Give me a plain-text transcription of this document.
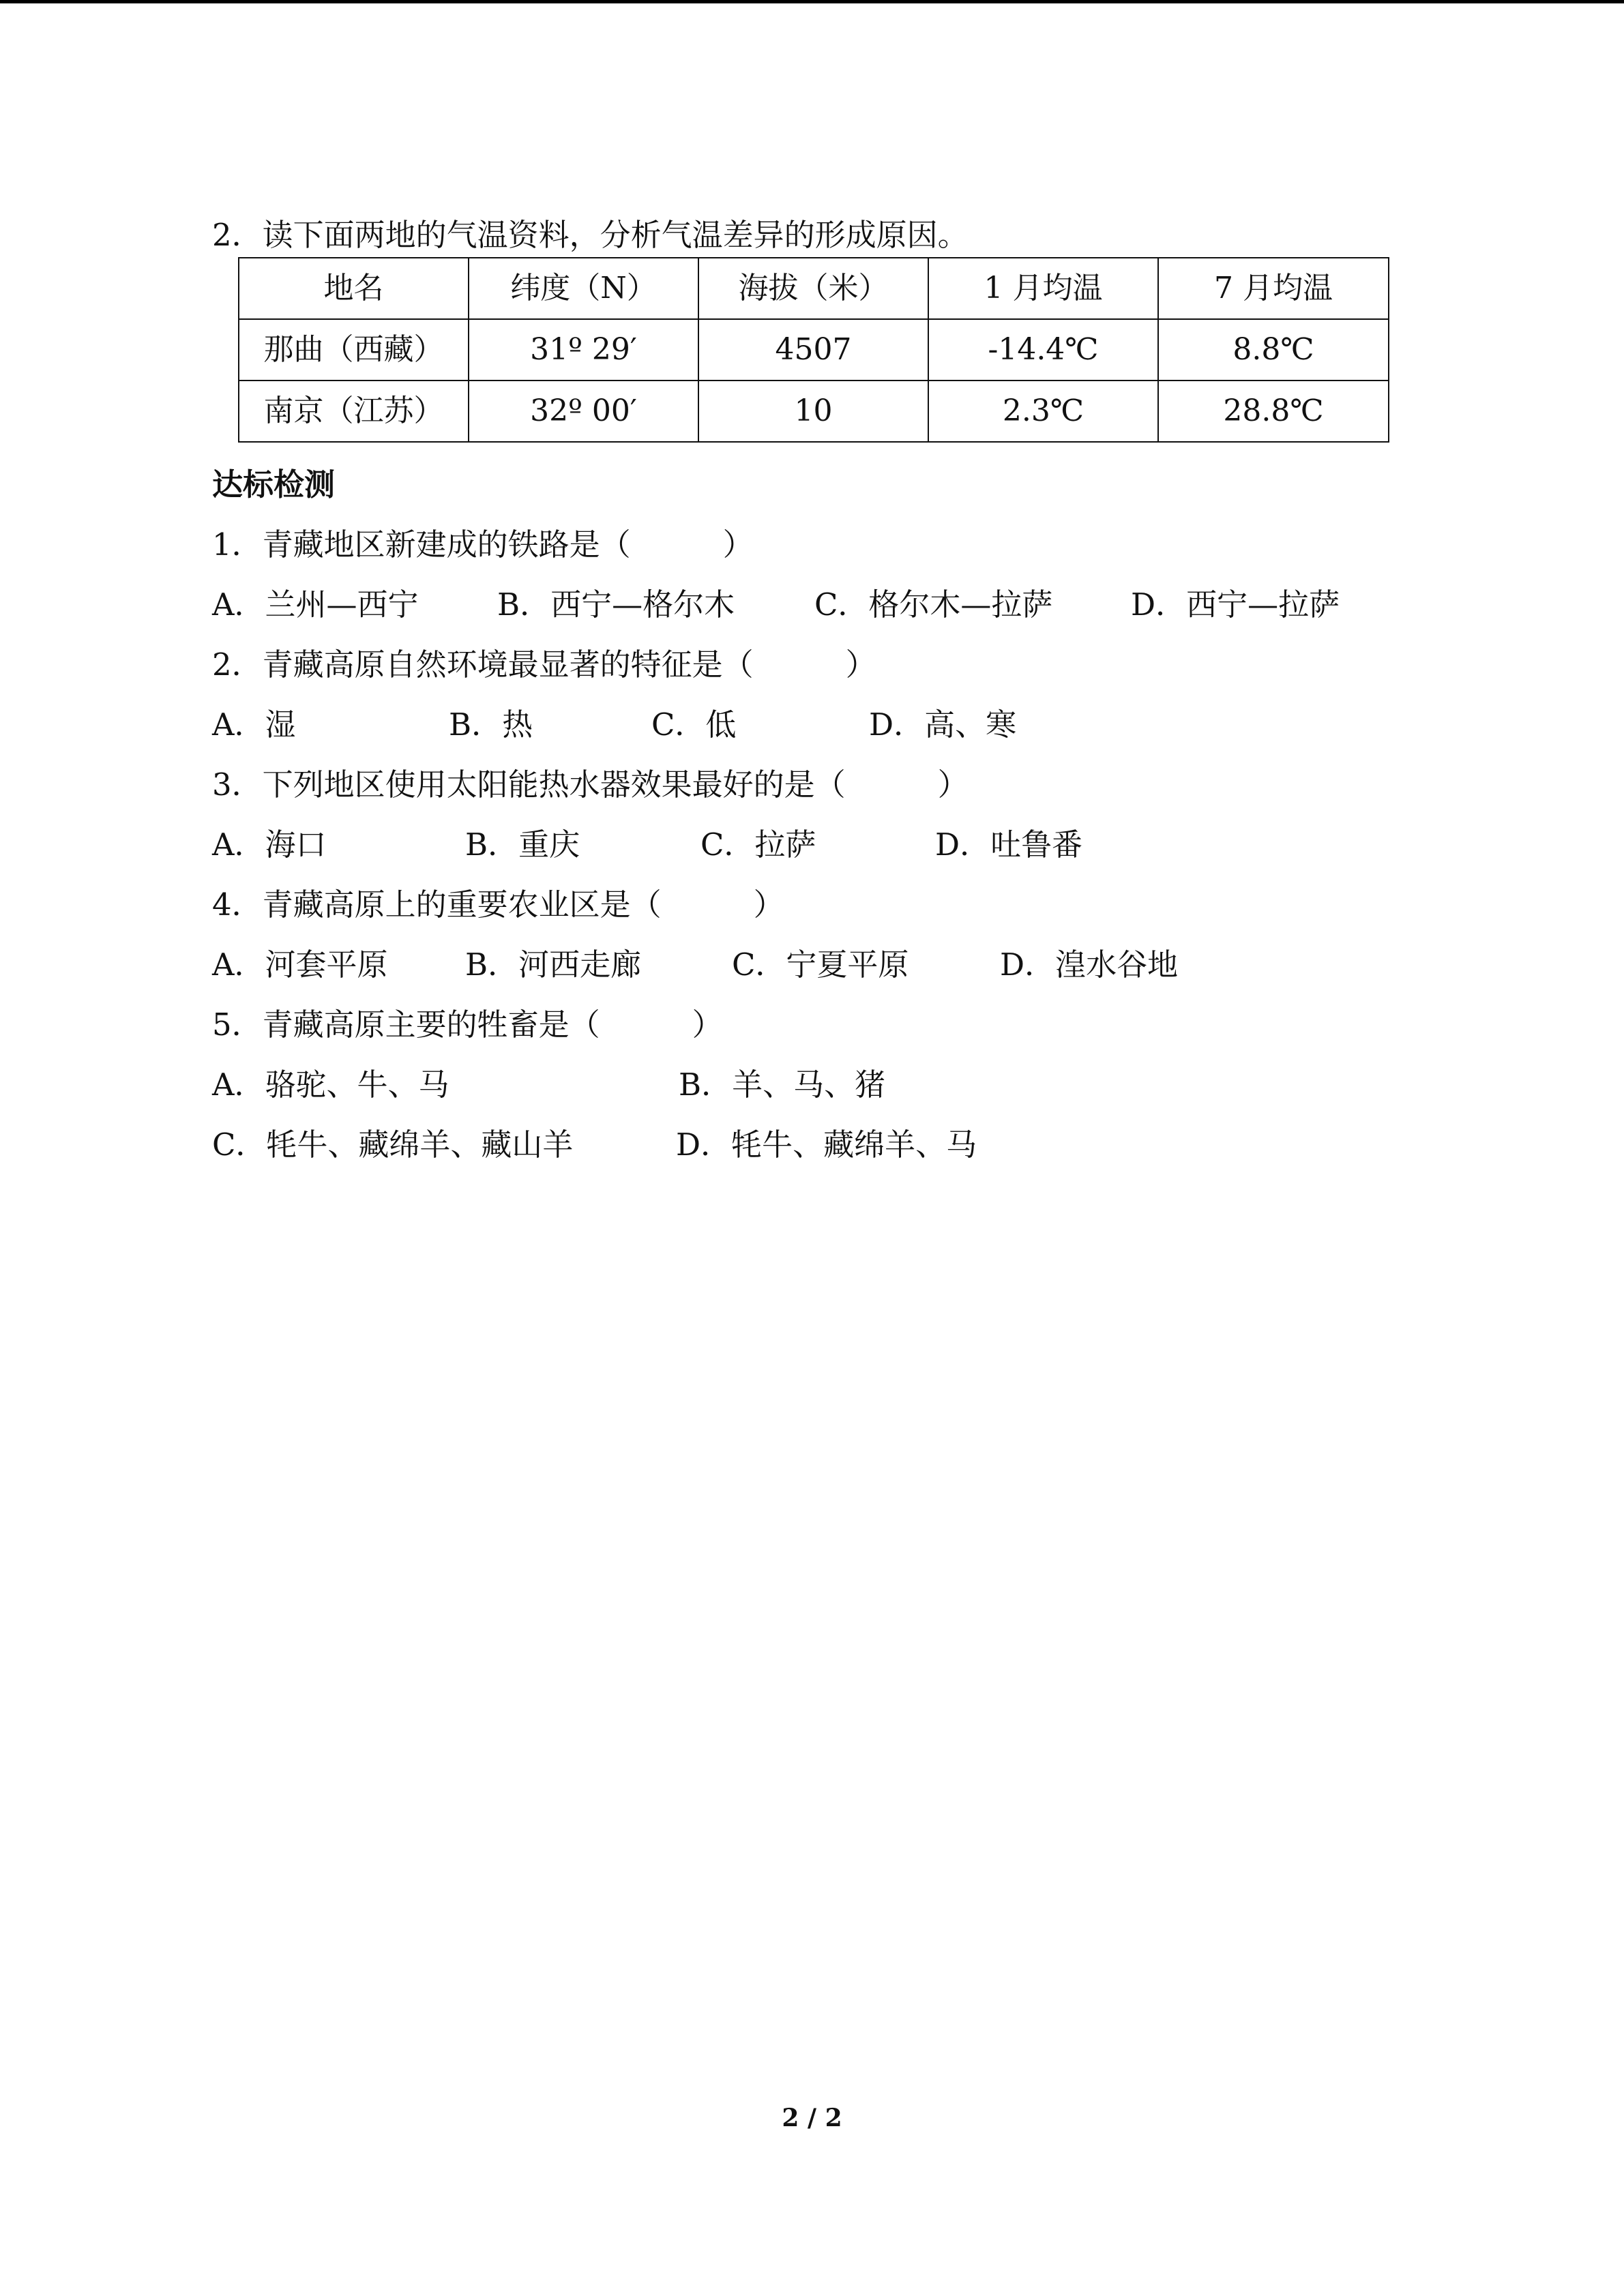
2．读下面两地的气温资料，分析气温差异的形成原因。
地名	纬度（N）	海拔（米）	1 月均温	7 月均温
那曲（西藏）	31º 29′	4507	-14.4℃	8.8℃
南京（江苏）	32º 00′	10	2.3℃	28.8℃
达标检测
1．青藏地区新建成的铁路是（　　　）
A．兰州—西宁	B．西宁—格尔木	C．格尔木—拉萨	D．西宁—拉萨
2．青藏高原自然环境最显著的特征是（　　　）
A．湿	B．热	C．低	D．高、寒
3．下列地区使用太阳能热水器效果最好的是（　　　）
A．海口	B．重庆	C．拉萨	D．吐鲁番
4．青藏高原上的重要农业区是（　　　）
A．河套平原	B．河西走廊	C．宁夏平原	D．湟水谷地
5．青藏高原主要的牲畜是（　　　）
A．骆驼、牛、马	B．羊、马、猪
C．牦牛、藏绵羊、藏山羊	D．牦牛、藏绵羊、马
2 / 2
